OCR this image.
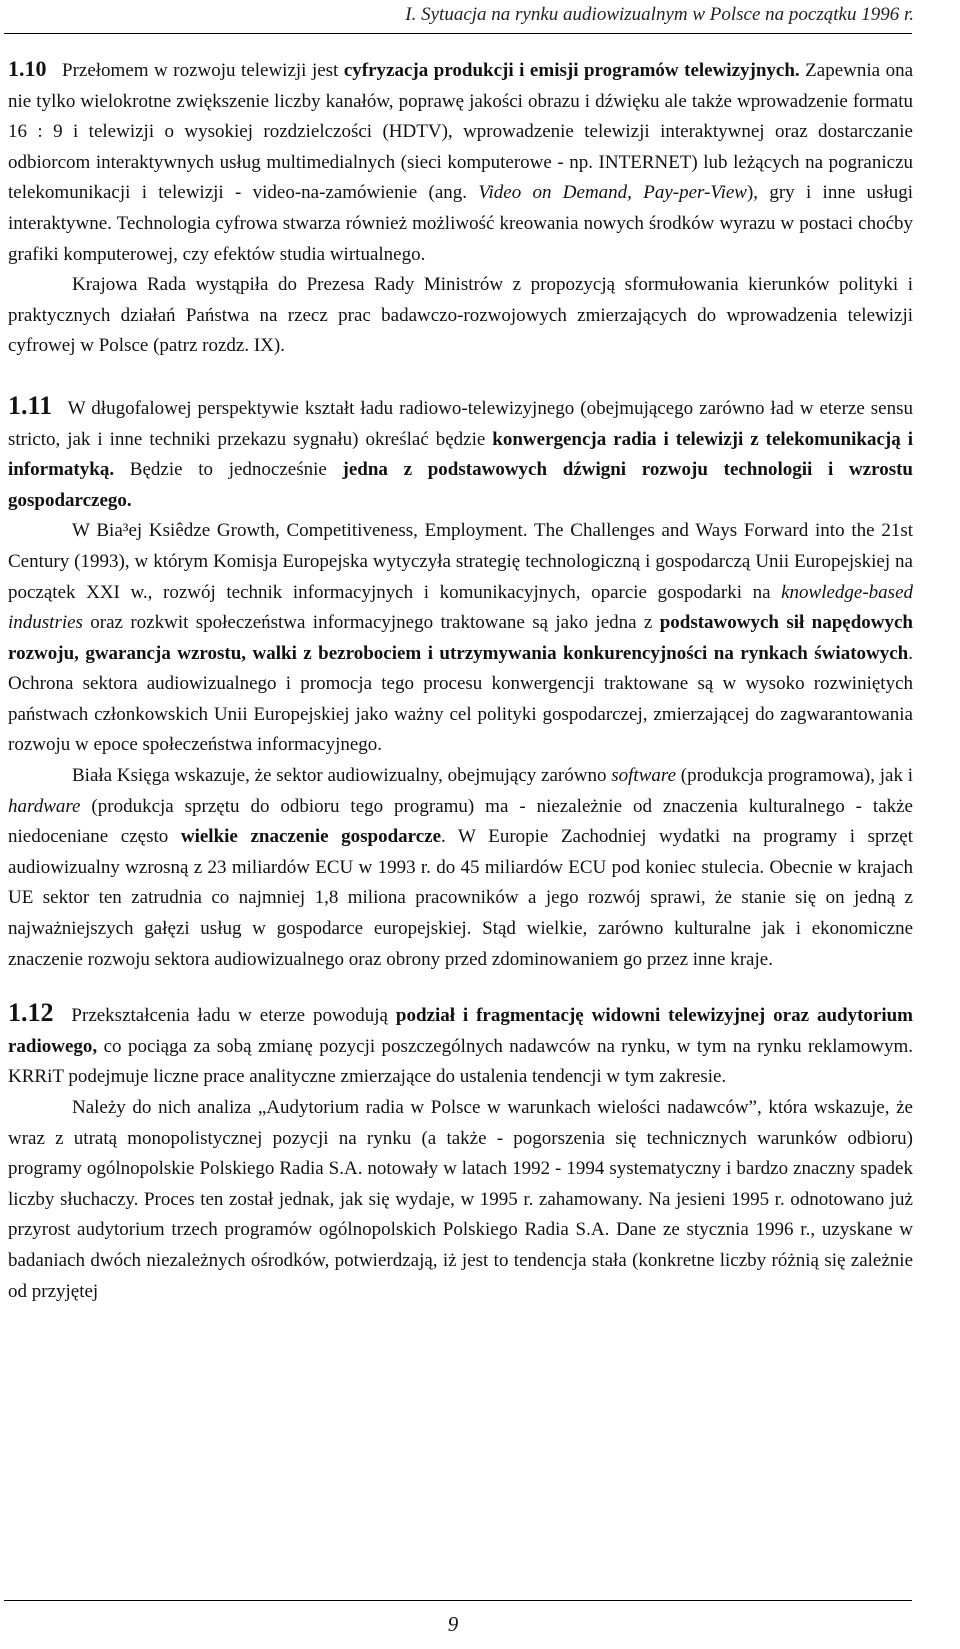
I. Sytuacja na rynku audiowizualnym w Polsce na początku 1996 r.

1.10 Przełomem w rozwoju telewizji jest cyfryzacja produkcji i emisji programów telewizyjnych. Zapewnia ona nie tylko wielokrotne zwiększenie liczby kanałów, poprawę jakości obrazu i dźwięku ale także wprowadzenie formatu 16 : 9 i telewizji o wysokiej rozdzielczości (HDTV), wprowadzenie telewizji interaktywnej oraz dostarczanie odbiorcom interaktywnych usług multimedialnych (sieci komputerowe - np. INTERNET) lub leżących na pograniczu telekomunikacji i telewizji - video-na-zamówienie (ang. Video on Demand, Pay-per-View), gry i inne usługi interaktywne. Technologia cyfrowa stwarza również możliwość kreowania nowych środków wyrazu w postaci choćby grafiki komputerowej, czy efektów studia wirtualnego.

Krajowa Rada wystąpiła do Prezesa Rady Ministrów z propozycją sformułowania kierunków polityki i praktycznych działań Państwa na rzecz prac badawczo-rozwojowych zmierzających do wprowadzenia telewizji cyfrowej w Polsce (patrz rozdz. IX).

1.11 W długofalowej perspektywie kształt ładu radiowo-telewizyjnego (obejmującego zarówno ład w eterze sensu stricto, jak i inne techniki przekazu sygnału) określać będzie konwergencja radia i telewizji z telekomunikacją i informatyką. Będzie to jednocześnie jedna z podstawowych dźwigni rozwoju technologii i wzrostu gospodarczego.

W Bia³ej Ksiêdze Growth, Competitiveness, Employment. The Challenges and Ways Forward into the 21st Century (1993), w którym Komisja Europejska wytyczyła strategię technologiczną i gospodarczą Unii Europejskiej na początek XXI w., rozwój technik informacyjnych i komunikacyjnych, oparcie gospodarki na knowledge-based industries oraz rozkwit społeczeństwa informacyjnego traktowane są jako jedna z podstawowych sił napędowych rozwoju, gwarancja wzrostu, walki z bezrobociem i utrzymywania konkurencyjności na rynkach światowych. Ochrona sektora audiowizualnego i promocja tego procesu konwergencji traktowane są w wysoko rozwiniętych państwach członkowskich Unii Europejskiej jako ważny cel polityki gospodarczej, zmierzającej do zagwarantowania rozwoju w epoce społeczeństwa informacyjnego.

Biała Księga wskazuje, że sektor audiowizualny, obejmujący zarówno software (produkcja programowa), jak i hardware (produkcja sprzętu do odbioru tego programu) ma - niezależnie od znaczenia kulturalnego - także niedoceniane często wielkie znaczenie gospodarcze. W Europie Zachodniej wydatki na programy i sprzęt audiowizualny wzrosną z 23 miliardów ECU w 1993 r. do 45 miliardów ECU pod koniec stulecia. Obecnie w krajach UE sektor ten zatrudnia co najmniej 1,8 miliona pracowników a jego rozwój sprawi, że stanie się on jedną z najważniejszych gałęzi usług w gospodarce europejskiej. Stąd wielkie, zarówno kulturalne jak i ekonomiczne znaczenie rozwoju sektora audiowizualnego oraz obrony przed zdominowaniem go przez inne kraje.

1.12 Przekształcenia ładu w eterze powodują podział i fragmentację widowni telewizyjnej oraz audytorium radiowego, co pociąga za sobą zmianę pozycji poszczególnych nadawców na rynku, w tym na rynku reklamowym. KRRiT podejmuje liczne prace analityczne zmierzające do ustalenia tendencji w tym zakresie.

Należy do nich analiza „Audytorium radia w Polsce w warunkach wielości nadawców”, która wskazuje, że wraz z utratą monopolistycznej pozycji na rynku (a także - pogorszenia się technicznych warunków odbioru) programy ogólnopolskie Polskiego Radia S.A. notowały w latach 1992 - 1994 systematyczny i bardzo znaczny spadek liczby słuchaczy. Proces ten został jednak, jak się wydaje, w 1995 r. zahamowany. Na jesieni 1995 r. odnotowano już przyrost audytorium trzech programów ogólnopolskich Polskiego Radia S.A. Dane ze stycznia 1996 r., uzyskane w badaniach dwóch niezależnych ośrodków, potwierdzają, iż jest to tendencja stała (konkretne liczby różnią się zależnie od przyjętej

9
